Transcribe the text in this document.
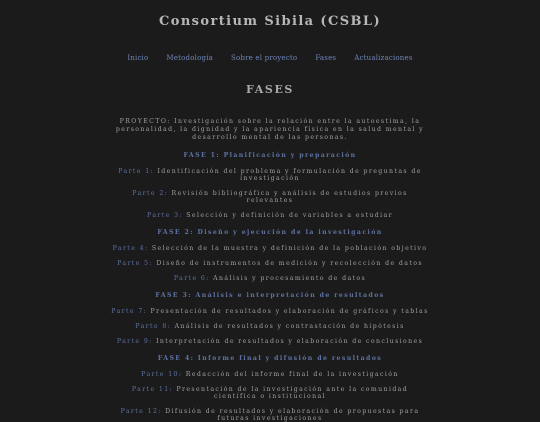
Consortium Sibila (CSBL)
Inicio	Metodología	Sobre el proyecto	Fases	Actualizaciones
FASES

PROYECTO: Investigación sobre la relación entre la autoestima, la personalidad, la dignidad y la apariencia física en la salud mental y desarrollo mental de las personas.

FASE 1: Planificación y preparación

Parte 1: Identificación del problema y formulación de preguntas de investigación

Parte 2: Revisión bibliográfica y análisis de estudios previos relevantes

Parte 3: Selección y definición de variables a estudiar

FASE 2: Diseño y ejecución de la investigación

Parte 4: Selección de la muestra y definición de la población objetivo

Parte 5: Diseño de instrumentos de medición y recolección de datos

Parte 6: Análisis y procesamiento de datos

FASE 3: Análisis e interpretación de resultados

Parte 7: Presentación de resultados y elaboración de gráficos y tablas

Parte 8: Análisis de resultados y contrastación de hipótesis

Parte 9: Interpretación de resultados y elaboración de conclusiones

FASE 4: Informe final y difusión de resultados

Parte 10: Redacción del informe final de la investigación

Parte 11: Presentación de la investigación ante la comunidad científica o institucional

Parte 12: Difusión de resultados y elaboración de propuestas para futuras investigaciones
